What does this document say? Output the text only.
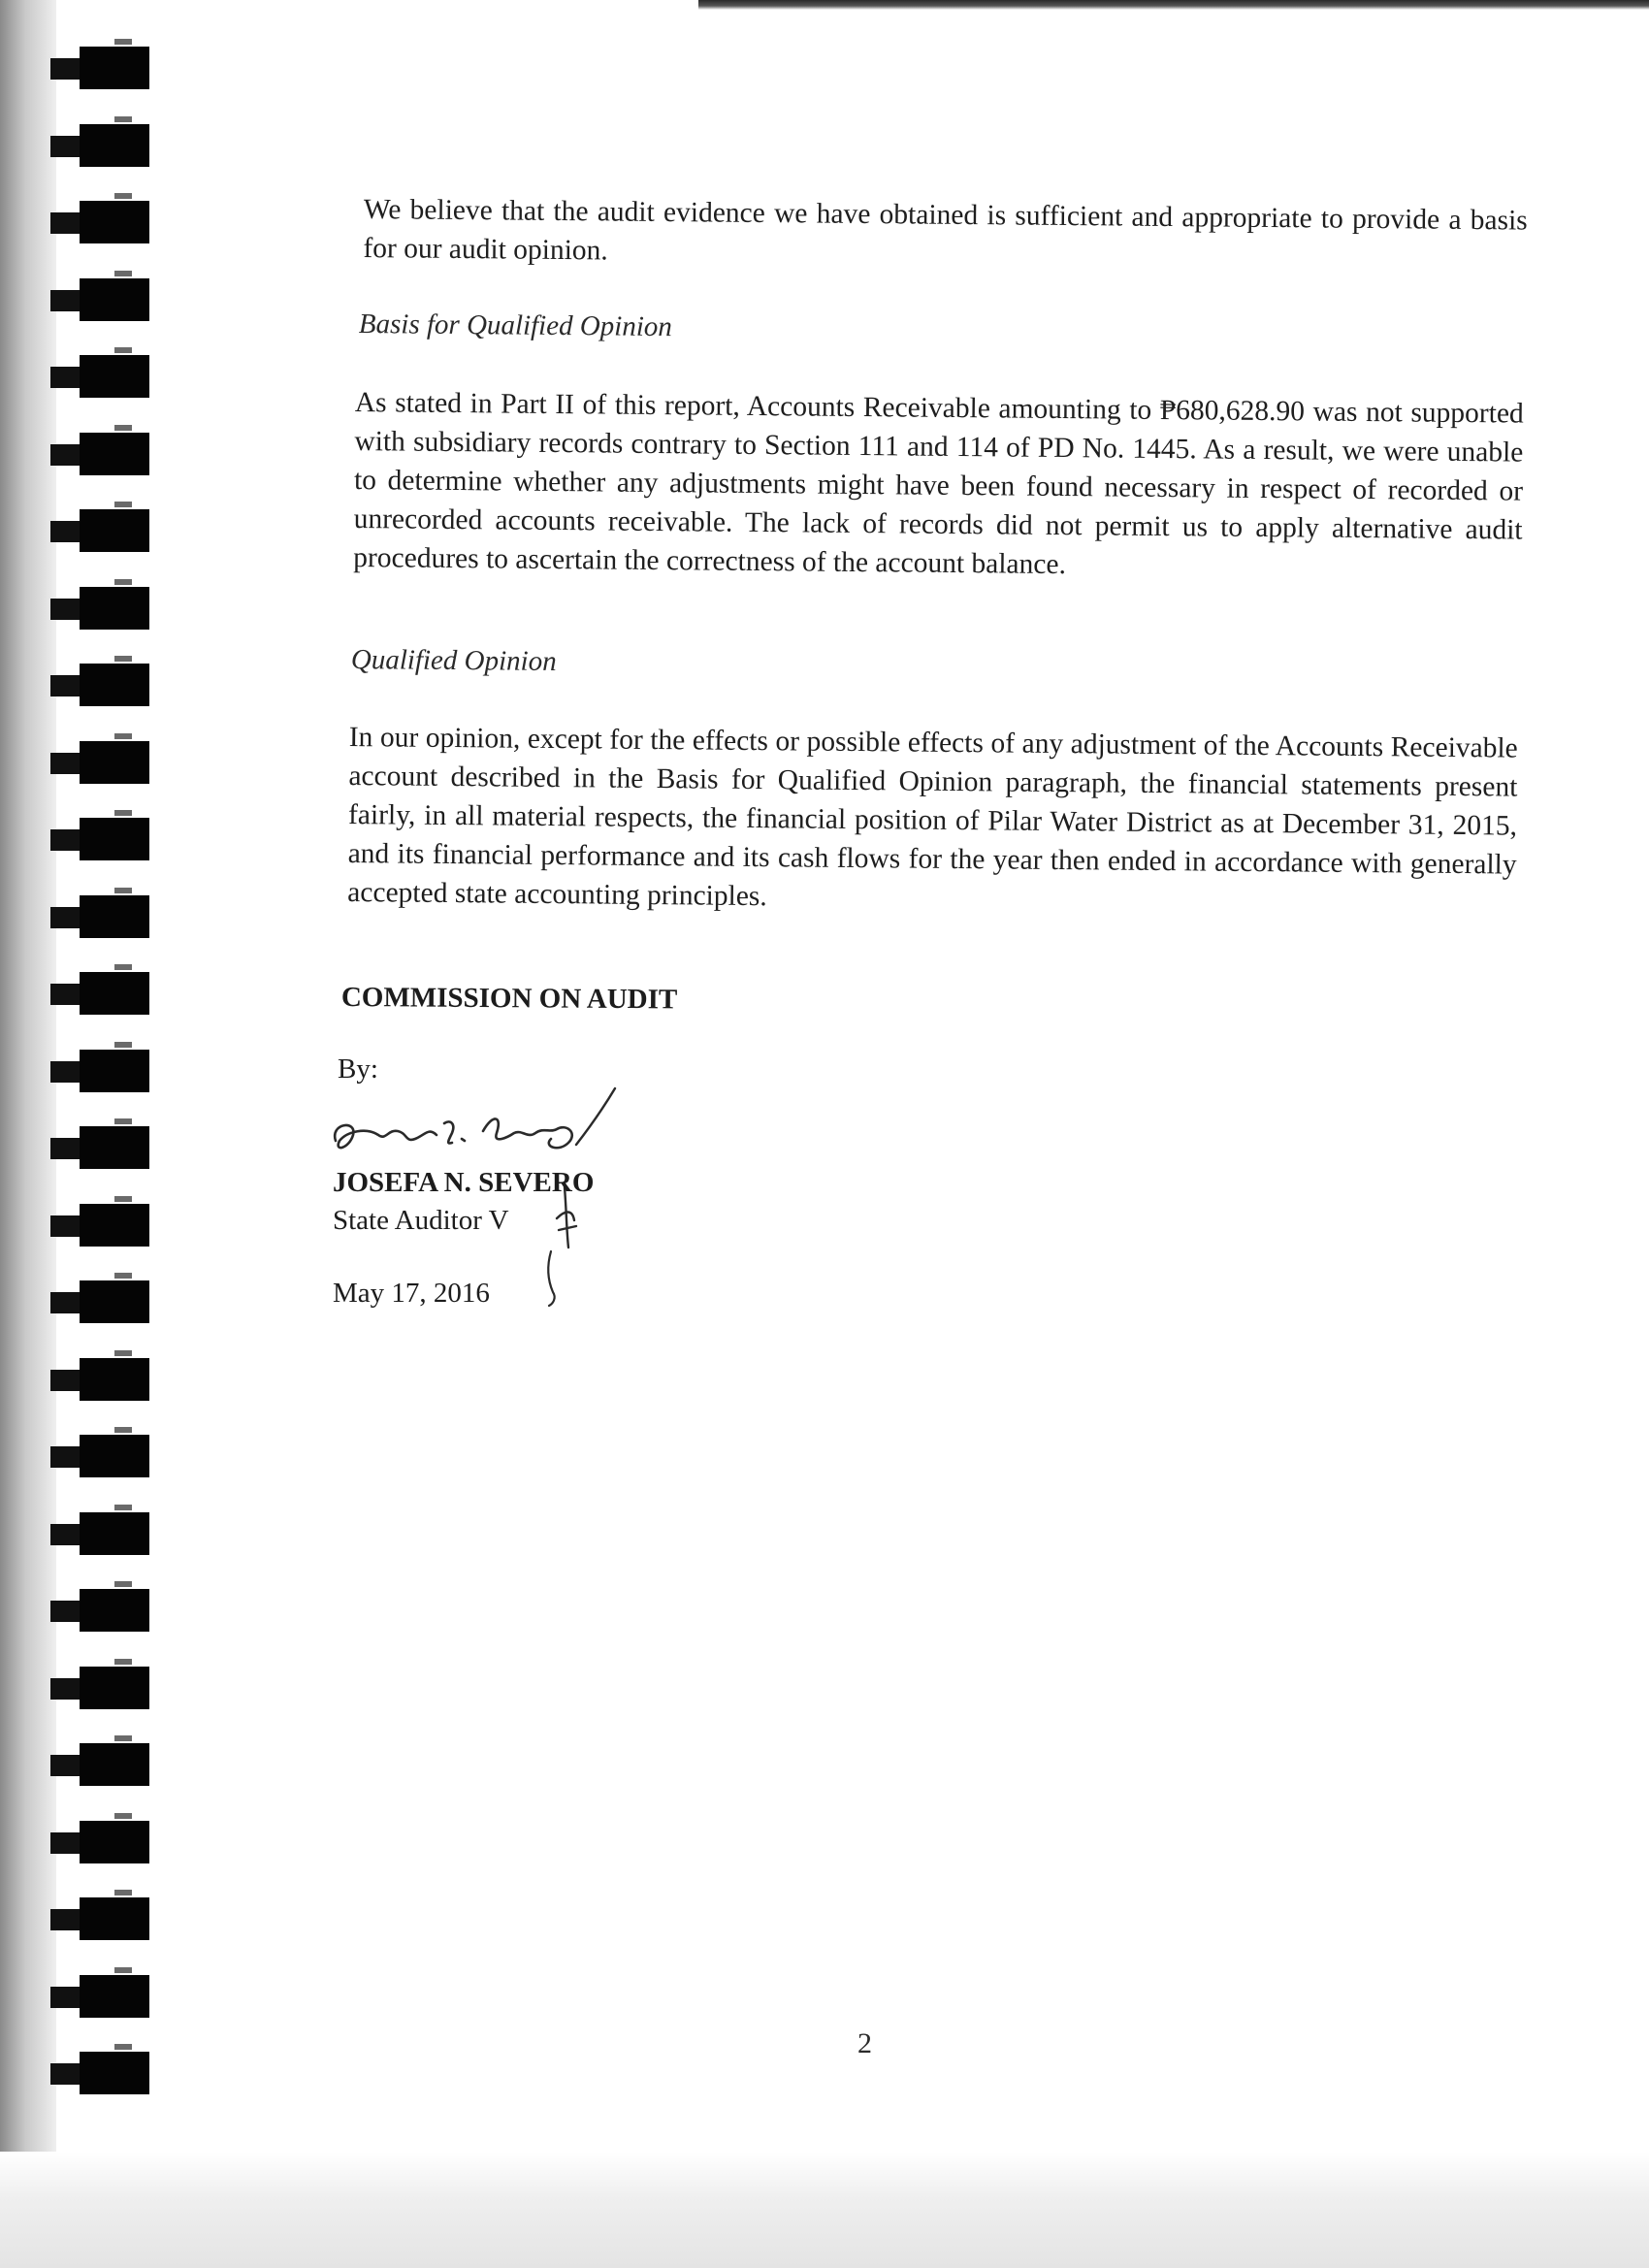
We believe that the audit evidence we have obtained is sufficient and appropriate to provide a basis for our audit opinion.

Basis for Qualified Opinion

As stated in Part II of this report, Accounts Receivable amounting to ₱680,628.90 was not supported with subsidiary records contrary to Section 111 and 114 of PD No. 1445. As a result, we were unable to determine whether any adjustments might have been found necessary in respect of recorded or unrecorded accounts receivable. The lack of records did not permit us to apply alternative audit procedures to ascertain the correctness of the account balance.

Qualified Opinion

In our opinion, except for the effects or possible effects of any adjustment of the Accounts Receivable account described in the Basis for Qualified Opinion paragraph, the financial statements present fairly, in all material respects, the financial position of Pilar Water District as at December 31, 2015, and its financial performance and its cash flows for the year then ended in accordance with generally accepted state accounting principles.

COMMISSION ON AUDIT

By:

JOSEFA N. SEVERO

State Auditor V

May 17, 2016

2
